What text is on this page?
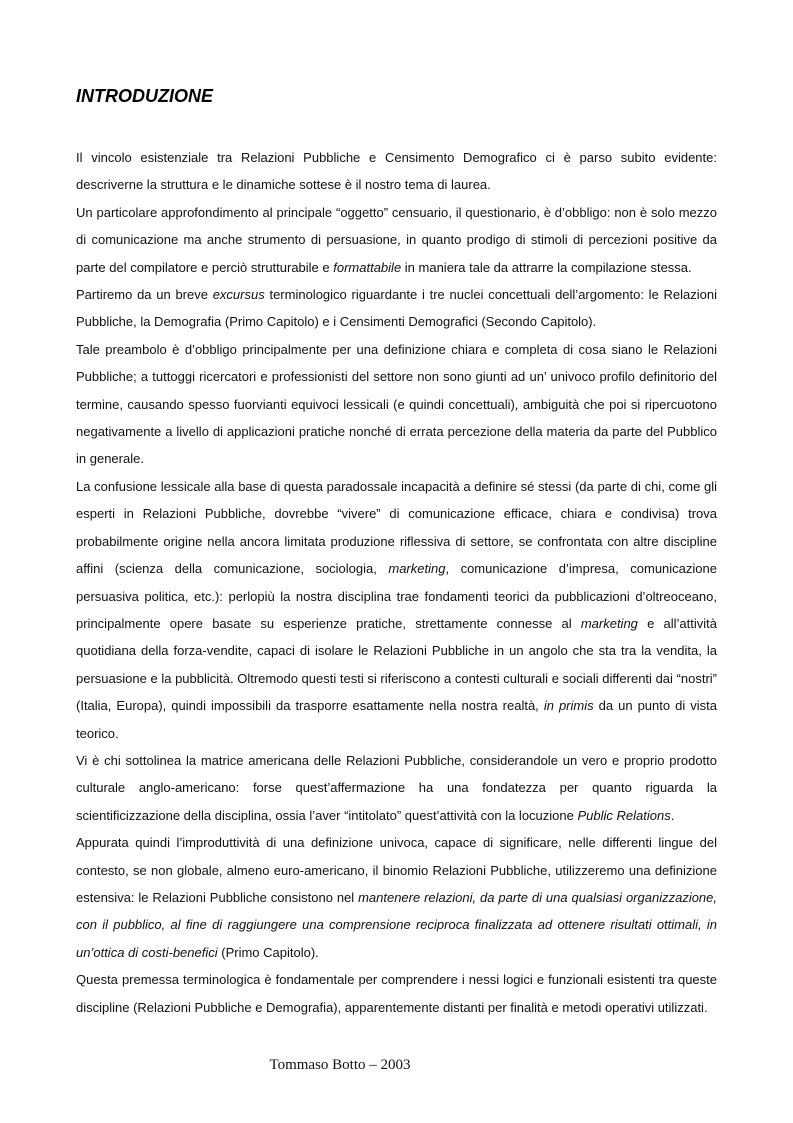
INTRODUZIONE

Il vincolo esistenziale tra Relazioni Pubbliche e Censimento Demografico ci è parso subito evidente: descriverne la struttura e le dinamiche sottese è il nostro tema di laurea.

Un particolare approfondimento al principale “oggetto” censuario, il questionario, è d’obbligo: non è solo mezzo di comunicazione ma anche strumento di persuasione, in quanto prodigo di stimoli di percezioni positive da parte del compilatore e perciò strutturabile e formattabile in maniera tale da attrarre la compilazione stessa.

Partiremo da un breve excursus terminologico riguardante i tre nuclei concettuali dell’argomento: le Relazioni Pubbliche, la Demografia (Primo Capitolo) e i Censimenti Demografici (Secondo Capitolo).

Tale preambolo è d’obbligo principalmente per una definizione chiara e completa di cosa siano le Relazioni Pubbliche; a tuttoggi ricercatori e professionisti del settore non sono giunti ad un’ univoco profilo definitorio del termine, causando spesso fuorvianti equivoci lessicali (e quindi concettuali), ambiguità che poi si ripercuotono negativamente a livello di applicazioni pratiche nonché di errata percezione della materia da parte del Pubblico in generale.

La confusione lessicale alla base di questa paradossale incapacità a definire sé stessi (da parte di chi, come gli esperti in Relazioni Pubbliche, dovrebbe “vivere” di comunicazione efficace, chiara e condivisa) trova probabilmente origine nella ancora limitata produzione riflessiva di settore, se confrontata con altre discipline affini (scienza della comunicazione, sociologia, marketing, comunicazione d’impresa, comunicazione persuasiva politica, etc.): perlopiù la nostra disciplina trae fondamenti teorici da pubblicazioni d’oltreoceano, principalmente opere basate su esperienze pratiche, strettamente connesse al marketing e all’attività quotidiana della forza-vendite, capaci di isolare le Relazioni Pubbliche in un angolo che sta tra la vendita, la persuasione e la pubblicità. Oltremodo questi testi si riferiscono a contesti culturali e sociali differenti dai “nostri” (Italia, Europa), quindi impossibili da trasporre esattamente nella nostra realtà, in primis da un punto di vista teorico.

Vi è chi sottolinea la matrice americana delle Relazioni Pubbliche, considerandole un vero e proprio prodotto culturale anglo-americano: forse quest’affermazione ha una fondatezza per quanto riguarda la scientificizzazione della disciplina, ossia l’aver “intitolato” quest’attività con la locuzione Public Relations.

Appurata quindi l’improduttività di una definizione univoca, capace di significare, nelle differenti lingue del contesto, se non globale, almeno euro-americano, il binomio Relazioni Pubbliche, utilizzeremo una definizione estensiva: le Relazioni Pubbliche consistono nel mantenere relazioni, da parte di una qualsiasi organizzazione, con il pubblico, al fine di raggiungere una comprensione reciproca finalizzata ad ottenere risultati ottimali, in un’ottica di costi-benefici (Primo Capitolo).

Questa premessa terminologica è fondamentale per comprendere i nessi logici e funzionali esistenti tra queste discipline (Relazioni Pubbliche e Demografia), apparentemente distanti per finalità e metodi operativi utilizzati.

Tommaso Botto – 2003
